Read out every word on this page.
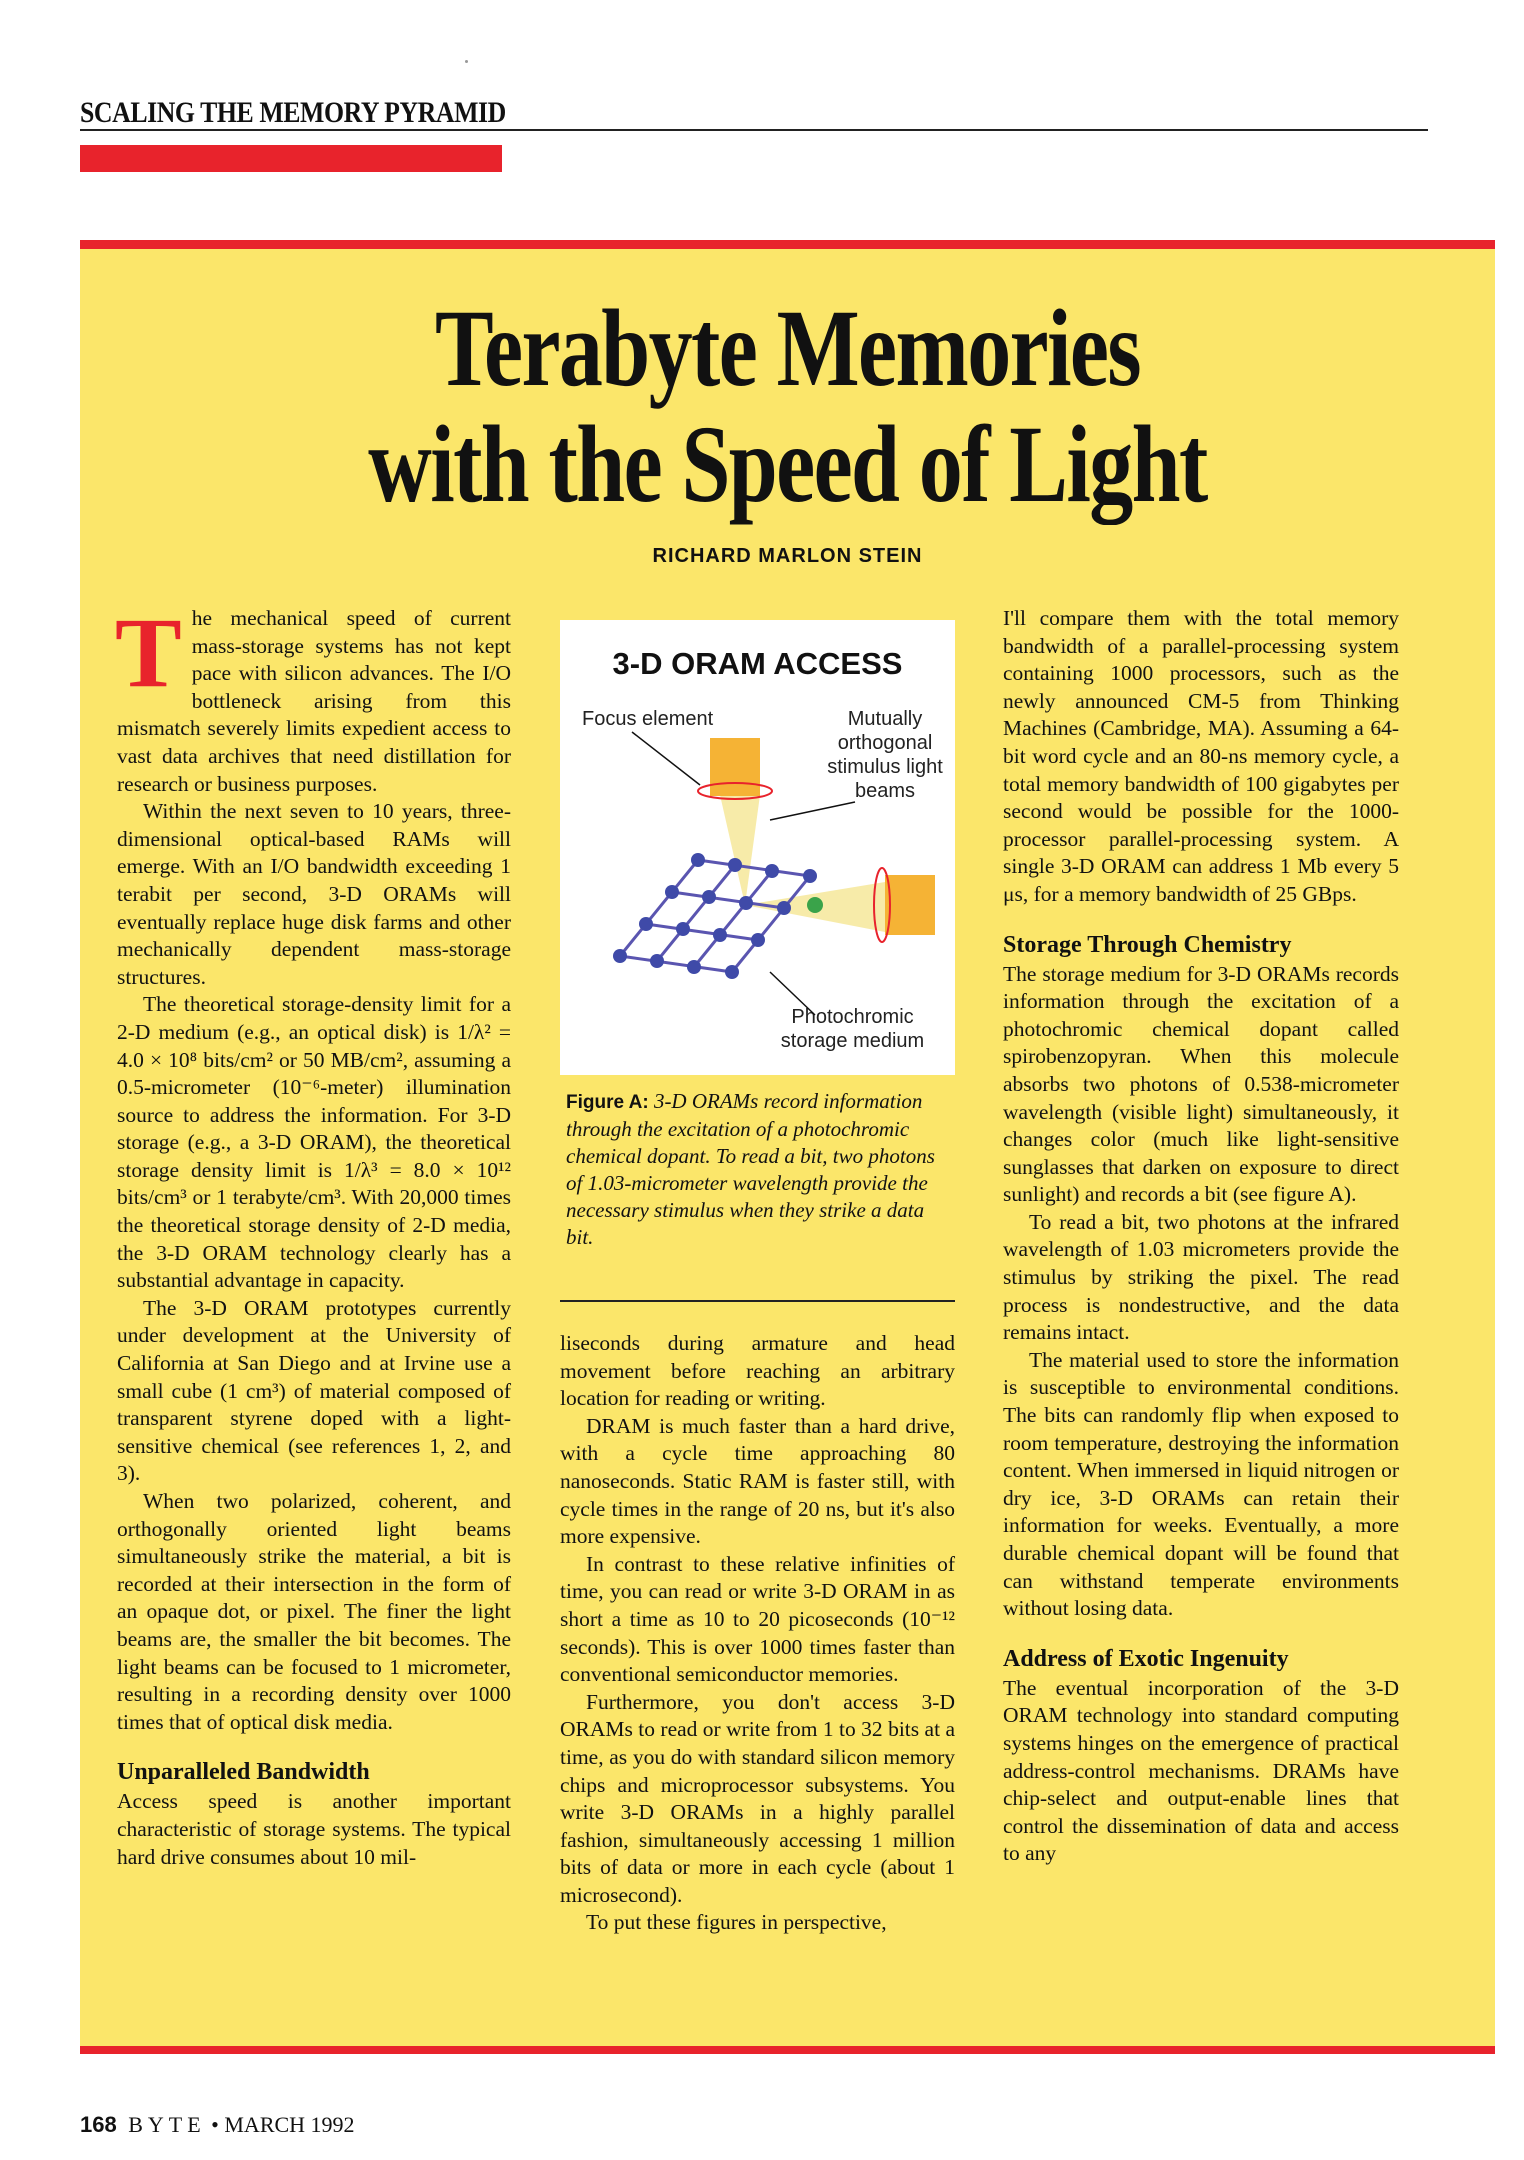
SCALING THE MEMORY PYRAMID
Terabyte Memories
with the Speed of Light
RICHARD MARLON STEIN

The mechanical speed of current mass-storage systems has not kept pace with silicon advances. The I/O bottleneck arising from this mismatch severely limits expedient access to vast data archives that need distillation for research or business purposes.

Within the next seven to 10 years, three-dimensional optical-based RAMs will emerge. With an I/O bandwidth exceeding 1 terabit per second, 3-D ORAMs will eventually replace huge disk farms and other mechanically dependent mass-storage structures.

The theoretical storage-density limit for a 2-D medium (e.g., an optical disk) is 1/λ² = 4.0 × 10⁸ bits/cm² or 50 MB/cm², assuming a 0.5-micrometer (10⁻⁶-meter) illumination source to address the information. For 3-D storage (e.g., a 3-D ORAM), the theoretical storage density limit is 1/λ³ = 8.0 × 10¹² bits/cm³ or 1 terabyte/cm³. With 20,000 times the theoretical storage density of 2-D media, the 3-D ORAM technology clearly has a substantial advantage in capacity.

The 3-D ORAM prototypes currently under development at the University of California at San Diego and at Irvine use a small cube (1 cm³) of material composed of transparent styrene doped with a light-sensitive chemical (see references 1, 2, and 3).

When two polarized, coherent, and orthogonally oriented light beams simultaneously strike the material, a bit is recorded at their intersection in the form of an opaque dot, or pixel. The finer the light beams are, the smaller the bit becomes. The light beams can be focused to 1 micrometer, resulting in a recording density over 1000 times that of optical disk media.

Unparalleled Bandwidth

Access speed is another important characteristic of storage systems. The typical hard drive consumes about 10 mil-

3-D ORAM ACCESS
Focus element	Mutually
orthogonal
stimulus light
beams
Photochromic
storage medium
Figure A: 3-D ORAMs record information through the excitation of a photochromic chemical dopant. To read a bit, two photons of 1.03-micrometer wavelength provide the necessary stimulus when they strike a data bit.

liseconds during armature and head movement before reaching an arbitrary location for reading or writing.

DRAM is much faster than a hard drive, with a cycle time approaching 80 nanoseconds. Static RAM is faster still, with cycle times in the range of 20 ns, but it's also more expensive.

In contrast to these relative infinities of time, you can read or write 3-D ORAM in as short a time as 10 to 20 picoseconds (10⁻¹² seconds). This is over 1000 times faster than conventional semiconductor memories.

Furthermore, you don't access 3-D ORAMs to read or write from 1 to 32 bits at a time, as you do with standard silicon memory chips and microprocessor subsystems. You write 3-D ORAMs in a highly parallel fashion, simultaneously accessing 1 million bits of data or more in each cycle (about 1 microsecond).

To put these figures in perspective,

I'll compare them with the total memory bandwidth of a parallel-processing system containing 1000 processors, such as the newly announced CM-5 from Thinking Machines (Cambridge, MA). Assuming a 64-bit word cycle and an 80-ns memory cycle, a total memory bandwidth of 100 gigabytes per second would be possible for the 1000-processor parallel-processing system. A single 3-D ORAM can address 1 Mb every 5 μs, for a memory bandwidth of 25 GBps.

Storage Through Chemistry

The storage medium for 3-D ORAMs records information through the excitation of a photochromic chemical dopant called spirobenzopyran. When this molecule absorbs two photons of 0.538-micrometer wavelength (visible light) simultaneously, it changes color (much like light-sensitive sunglasses that darken on exposure to direct sunlight) and records a bit (see figure A).

To read a bit, two photons at the infrared wavelength of 1.03 micrometers provide the stimulus by striking the pixel. The read process is nondestructive, and the data remains intact.

The material used to store the information is susceptible to environmental conditions. The bits can randomly flip when exposed to room temperature, destroying the information content. When immersed in liquid nitrogen or dry ice, 3-D ORAMs can retain their information for weeks. Eventually, a more durable chemical dopant will be found that can withstand temperate environments without losing data.

Address of Exotic Ingenuity

The eventual incorporation of the 3-D ORAM technology into standard computing systems hinges on the emergence of practical address-control mechanisms. DRAMs have chip-select and output-enable lines that control the dissemination of data and access to any

168 BYTE • MARCH 1992
